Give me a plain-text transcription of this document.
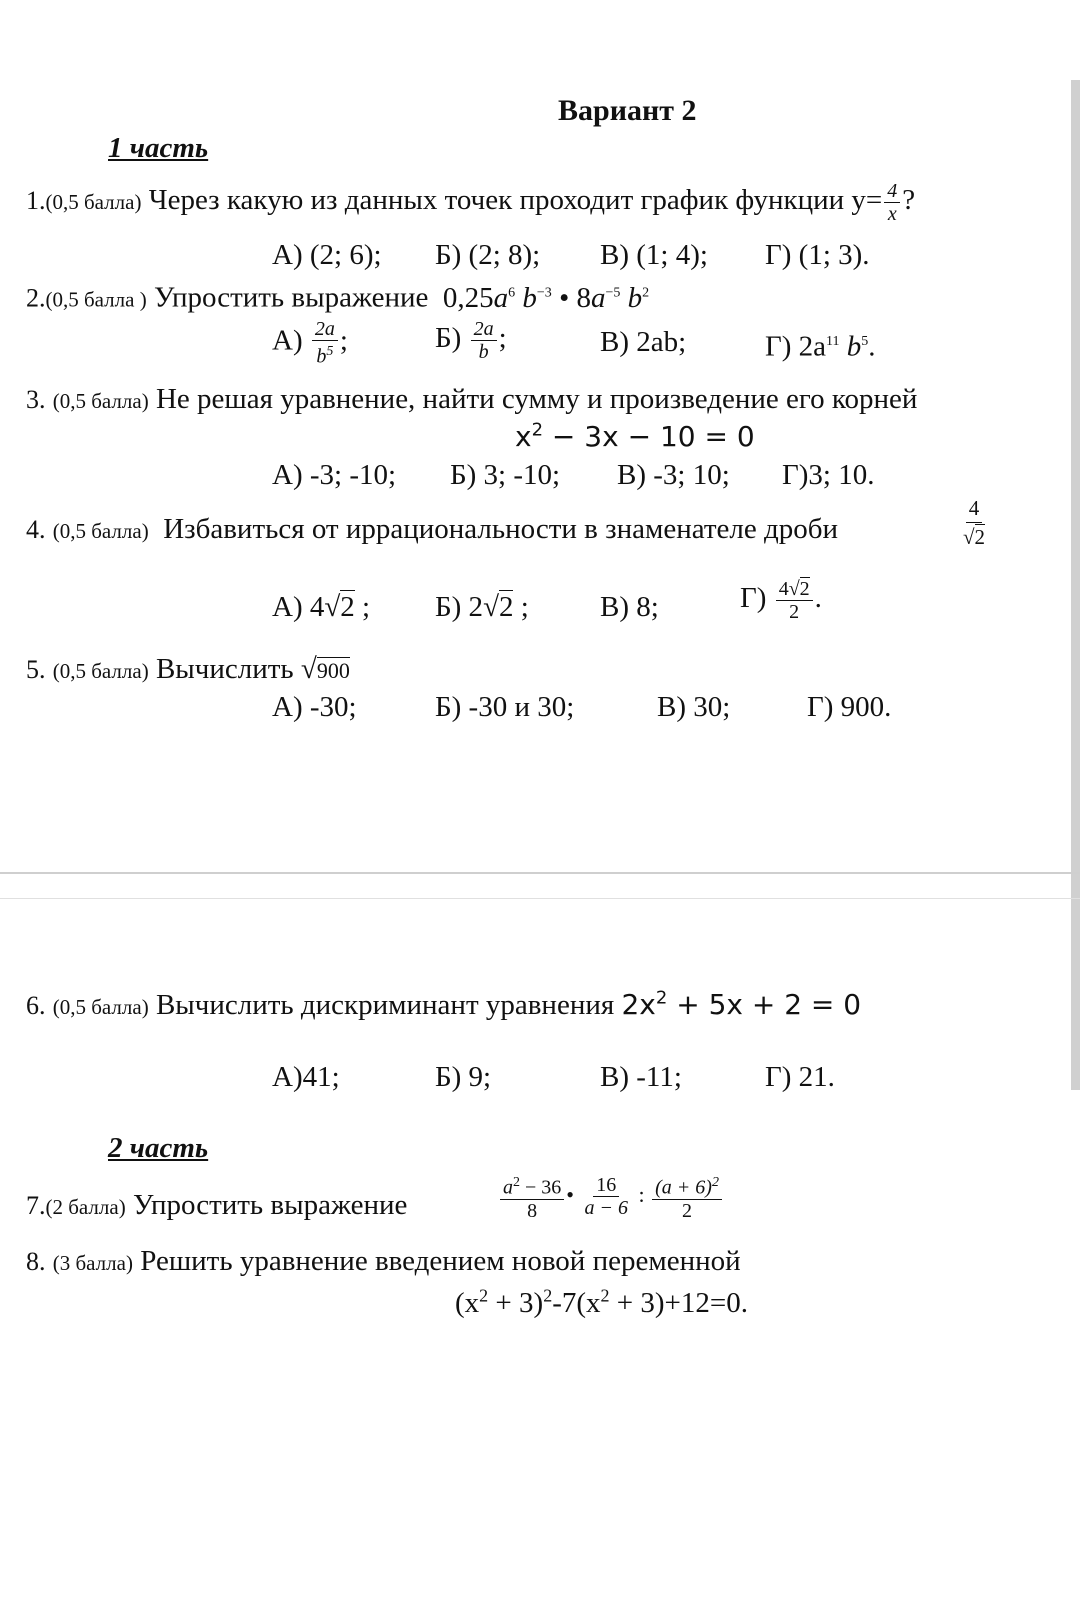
Вариант 2
1 часть
1.(0,5 балла) Через какую из данных точек проходит график функции $y= \frac{4}{x}$ ?
А) (2; 6); Б) (2; 8); В) (1; 4); Г) (1; 3).
2.(0,5 балла ) Упростить выражение $0,25a^6$ $b^{-3}$ • $8a^{-5}$ $b^2$
$А) \frac{2a}{b^5}$ ;	$Б) \frac{2a}{b}$ ;	В) 2ab;	Г) $2a^{11}$ $b^5$.
3. (0,5 балла) Не решая уравнение, найти сумму и произведение его корней
$x^2 - 3x - 10 = 0$
А) -3; -10; Б) 3; -10; В) -3; 10; Г)3; 10.
4. (0,5 балла) Избавиться от иррациональности в знаменателе дроби	$\frac{4}{√2}$
А) 4√2 ; Б) 2√2 ; В) 8;	$Г) \frac{4√2}{2}$ .
5. (0,5 балла) Вычислить √900
А) -30;	Б) -30 и 30;	В) 30;	Г) 900.
6. (0,5 балла) Вычислить дискриминант уравнения $2x^2 + 5x + 2 = 0$
А)41;	Б) 9;	В) -11;	Г) 21.
2 часть
7.(2 балла) Упростить выражение	$\frac{a^2 - 36}{8}$ • $\frac{16}{a - 6}$ : $\frac{(a + 6)^2}{2}$
8. (3 балла) Решить уравнение введением новой переменной
$(x^2 + 3)^2-7(x^2 + 3)+12=0$.
